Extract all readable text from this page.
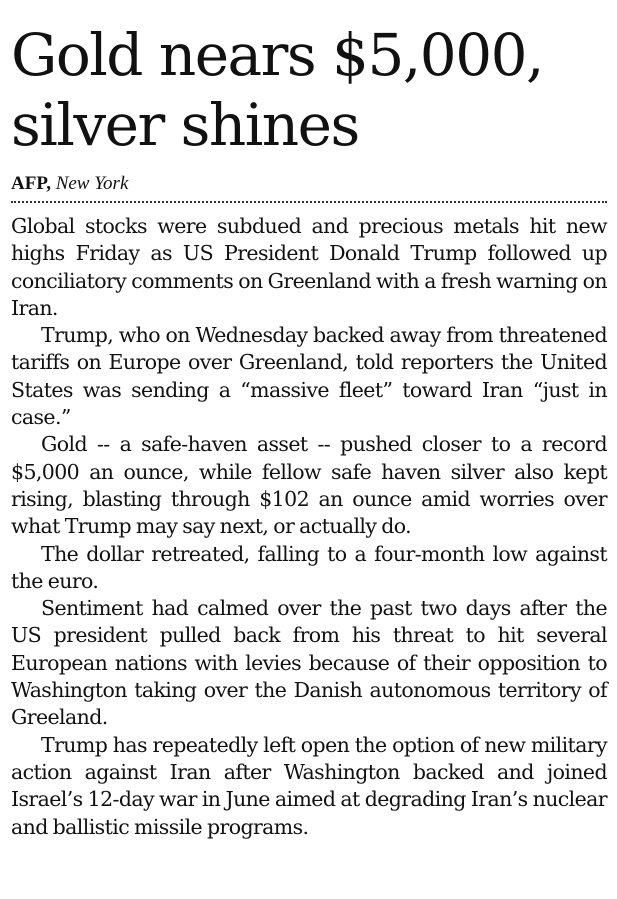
Gold nears $5,000,
silver shines
AFP, New York

Global stocks were subdued and precious metals hit new highs Friday as US President Donald Trump followed up conciliatory comments on Greenland with a fresh warning on Iran.

Trump, who on Wednesday backed away from threatened tariffs on Europe over Greenland, told reporters the United States was sending a “massive fleet” toward Iran “just in case.”

Gold -- a safe-haven asset -- pushed closer to a record $5,000 an ounce, while fellow safe haven silver also kept rising, blasting through $102 an ounce amid worries over what Trump may say next, or actually do.

The dollar retreated, falling to a four-month low against the euro.

Sentiment had calmed over the past two days after the US president pulled back from his threat to hit several European nations with levies because of their opposition to Washington taking over the Danish autonomous territory of Greeland.

Trump has repeatedly left open the option of new military action against Iran after Washington backed and joined Israel’s 12-day war in June aimed at degrading Iran’s nuclear and ballistic missile programs.
